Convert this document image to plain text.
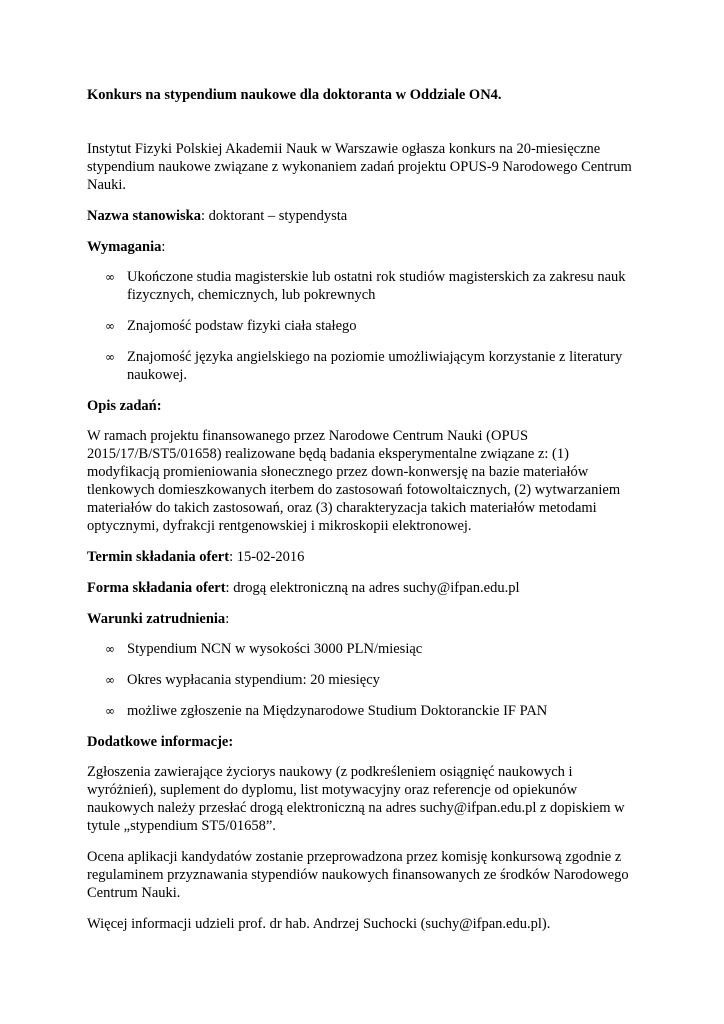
Konkurs na stypendium naukowe dla doktoranta w Oddziale ON4.

Instytut Fizyki Polskiej Akademii Nauk w Warszawie ogłasza konkurs na 20-miesięczne stypendium naukowe związane z wykonaniem zadań projektu OPUS-9 Narodowego Centrum Nauki.

Nazwa stanowiska: doktorant – stypendysta

Wymagania:

∞ Ukończone studia magisterskie lub ostatni rok studiów magisterskich za zakresu nauk fizycznych, chemicznych, lub pokrewnych
∞ Znajomość podstaw fizyki ciała stałego
∞ Znajomość języka angielskiego na poziomie umożliwiającym korzystanie z literatury naukowej.

Opis zadań:

W ramach projektu finansowanego przez Narodowe Centrum Nauki (OPUS 2015/17/B/ST5/01658) realizowane będą badania eksperymentalne związane z: (1) modyfikacją promieniowania słonecznego przez down-konwersję na bazie materiałów tlenkowych domieszkowanych iterbem do zastosowań fotowoltaicznych, (2) wytwarzaniem materiałów do takich zastosowań, oraz (3) charakteryzacja takich materiałów metodami optycznymi, dyfrakcji rentgenowskiej i mikroskopii elektronowej.

Termin składania ofert: 15-02-2016

Forma składania ofert: drogą elektroniczną na adres suchy@ifpan.edu.pl

Warunki zatrudnienia:

∞ Stypendium NCN w wysokości 3000 PLN/miesiąc
∞ Okres wypłacania stypendium: 20 miesięcy
∞ możliwe zgłoszenie na Międzynarodowe Studium Doktoranckie IF PAN

Dodatkowe informacje:

Zgłoszenia zawierające życiorys naukowy (z podkreśleniem osiągnięć naukowych i wyróżnień), suplement do dyplomu, list motywacyjny oraz referencje od opiekunów naukowych należy przesłać drogą elektroniczną na adres suchy@ifpan.edu.pl z dopiskiem w tytule „stypendium ST5/01658”.

Ocena aplikacji kandydatów zostanie przeprowadzona przez komisję konkursową zgodnie z regulaminem przyznawania stypendiów naukowych finansowanych ze środków Narodowego Centrum Nauki.

Więcej informacji udzieli prof. dr hab. Andrzej Suchocki (suchy@ifpan.edu.pl).
